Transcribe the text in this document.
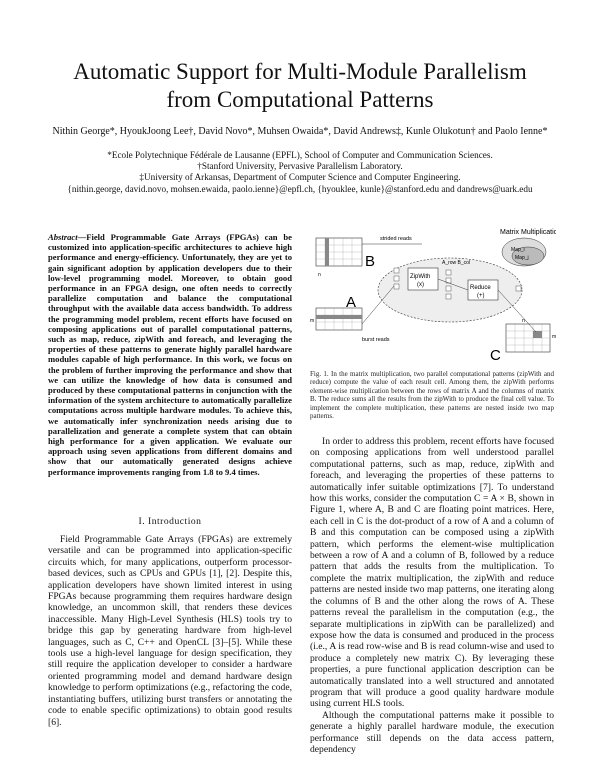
Automatic Support for Multi-Module Parallelism
from Computational Patterns
Nithin George*, HyoukJoong Lee†, David Novo*, Muhsen Owaida*, David Andrews‡, Kunle Olukotun† and Paolo Ienne*
*Ecole Polytechnique Fédérale de Lausanne (EPFL), School of Computer and Communication Sciences.
†Stanford University, Pervasive Parallelism Laboratory.
‡University of Arkansas, Department of Computer Science and Computer Engineering.
{nithin.george, david.novo, mohsen.ewaida, paolo.ienne}@epfl.ch, {hyouklee, kunle}@stanford.edu and dandrews@uark.edu
Abstract—Field Programmable Gate Arrays (FPGAs) can be customized into application-specific architectures to achieve high performance and energy-efficiency. Unfortunately, they are yet to gain significant adoption by application developers due to their low-level programming model. Moreover, to obtain good performance in an FPGA design, one often needs to correctly parallelize computation and balance the computational throughput with the available data access bandwidth. To address the programming model problem, recent efforts have focused on composing applications out of parallel computational patterns, such as map, reduce, zipWith and foreach, and leveraging the properties of these patterns to generate highly parallel hardware modules capable of high performance. In this work, we focus on the problem of further improving the performance and show that we can utilize the knowledge of how data is consumed and produced by these computational patterns in conjunction with the information of the system architecture to automatically parallelize computations across multiple hardware modules. To achieve this, we automatically infer synchronization needs arising due to parallelization and generate a complete system that can obtain high performance for a given application. We evaluate our approach using seven applications from different domains and show that our automatically generated designs achieve performance improvements ranging from 1.8 to 9.4 times.
I. Introduction

Field Programmable Gate Arrays (FPGAs) are extremely versatile and can be programmed into application-specific circuits which, for many applications, outperform processor-based devices, such as CPUs and GPUs [1], [2]. Despite this, application developers have shown limited interest in using FPGAs because programming them requires hardware design knowledge, an uncommon skill, that renders these devices inaccessible. Many High-Level Synthesis (HLS) tools try to bridge this gap by generating hardware from high-level languages, such as C, C++ and OpenCL [3]–[5]. While these tools use a high-level language for design specification, they still require the application developer to consider a hardware oriented programming model and demand hardware design knowledge to perform optimizations (e.g., refactoring the code, instantiating buffers, utilizing burst transfers or annotating the code to enable specific optimizations) to obtain good results [6].

Matrix Multiplication
B
n
strided reads
ZipWith
(x)	Reduce
(+)
A_row B_col
Map_i
Map_j
A
m
burst reads
C
n
m
Fig. 1. In the matrix multiplication, two parallel computational patterns (zipWith and reduce) compute the value of each result cell. Among them, the zipWith performs element-wise multiplication between the rows of matrix A and the columns of matrix B. The reduce sums all the results from the zipWith to produce the final cell value. To implement the complete multiplication, these patterns are nested inside two map patterns.

In order to address this problem, recent efforts have focused on composing applications from well understood parallel computational patterns, such as map, reduce, zipWith and foreach, and leveraging the properties of these patterns to automatically infer suitable optimizations [7]. To understand how this works, consider the computation C = A × B, shown in Figure 1, where A, B and C are floating point matrices. Here, each cell in C is the dot-product of a row of A and a column of B and this computation can be composed using a zipWith pattern, which performs the element-wise multiplication between a row of A and a column of B, followed by a reduce pattern that adds the results from the multiplication. To complete the matrix multiplication, the zipWith and reduce patterns are nested inside two map patterns, one iterating along the columns of B and the other along the rows of A. These patterns reveal the parallelism in the computation (e.g., the separate multiplications in zipWith can be parallelized) and expose how the data is consumed and produced in the process (i.e., A is read row-wise and B is read column-wise and used to produce a completely new matrix C). By leveraging these properties, a pure functional application description can be automatically translated into a well structured and annotated program that will produce a good quality hardware module using current HLS tools.

Although the computational patterns make it possible to generate a highly parallel hardware module, the execution performance still depends on the data access pattern, dependency
